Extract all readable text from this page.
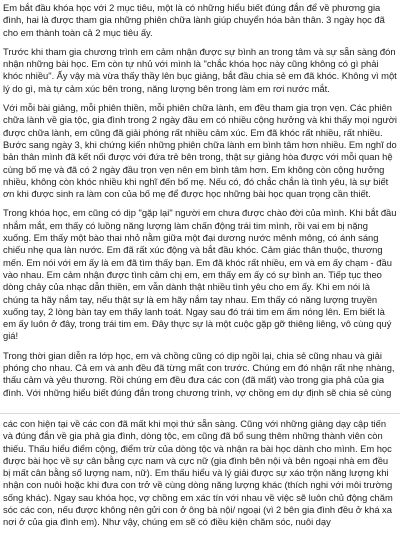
Em bắt đầu khóa học với 2 mục tiêu, một là có những hiểu biết đúng đắn để về phương gia đình, hai là được tham gia những phiên chữa lành giúp chuyển hóa bản thân. 3 ngày học đã cho em thành toàn cả 2 mục tiêu ấy.

Trước khi tham gia chương trình em cảm nhận được sự bình an trong tâm và sự sẵn sàng đón nhận những bài học. Em còn tự nhủ với mình là "chắc khóa học này cũng không có gì phải khóc nhiều". Ấy vậy mà vừa thấy thầy lên bục giảng, bắt đầu chia sẻ em đã khóc. Không vì một lý do gì, mà tự cảm xúc bên trong, năng lượng bên trong làm em rơi nước mắt.

Với mỗi bài giảng, mỗi phiên thiền, mỗi phiên chữa lành, em đều tham gia trọn vẹn. Các phiên chữa lành về gia tộc, gia đình trong 2 ngày đầu em có nhiều cộng hưởng và khi thấy mọi người được chữa lành, em cũng đã giải phóng rất nhiều cảm xúc. Em đã khóc rất nhiều, rất nhiều. Bước sang ngày 3, khi chứng kiến những phiên chữa lành em bình tâm hơn nhiều. Em nghĩ do bản thân mình đã kết nối được với đứa trẻ bên trong, thật sự giảng hòa được với mỗi quan hệ cùng bố mẹ và đã có 2 ngày đầu trọn vẹn nên em bình tâm hơn. Em không còn cộng hưởng nhiều, không còn khóc nhiều khi nghĩ đến bố mẹ. Nếu có, đó chắc chắn là tình yêu, là sự biết ơn khi được sinh ra làm con của bố mẹ để được học những bài học quan trọng cần thiết.

Trong khóa học, em cũng có dịp "gặp lại" người em chưa được chào đời của mình. Khi bắt đầu nhắm mắt, em thấy có luồng năng lượng làm chấn động trái tim mình, rồi vai em bị nặng xuống. Em thấy một bào thai nhỏ nằm giữa một đại dương nước mênh mông, có ánh sáng chiếu nhẹ qua làn nước. Em đã rất xúc động và bắt đầu khóc. Cảm giác thân thuộc, thương mến. Em nói với em ấy là em đã tìm thấy bạn. Em đã khóc rất nhiều, em và em ấy chạm - đầu vào nhau. Em cảm nhận được tình cảm chị em, em thấy em ấy có sự bình an. Tiếp tục theo dòng chảy của nhạc dẫn thiền, em vẫn dành thật nhiều tình yêu cho em ấy. Khi em nói là chúng ta hãy nắm tay, nếu thật sự là em hãy nắm tay nhau. Em thấy có năng lượng truyền xuống tay, 2 lòng bàn tay em thấy lanh toát. Ngay sau đó trái tim em ấm nóng lên. Em biết là em ấy luôn ở đây, trong trái tim em. Đây thực sự là một cuộc gặp gỡ thiêng liêng, vô cùng quý giá!

Trong thời gian diễn ra lớp học, em và chồng cũng có dịp ngồi lại, chia sẻ cũng nhau và giải phóng cho nhau. Cả em và anh đều đã từng mất con trước. Chúng em đó nhận rất nhẹ nhàng, thấu cảm và yêu thương. Rồi chúng em đều đưa các con (đã mất) vào trong gia phả của gia đình. Với những hiểu biết đúng đắn trong chương trình, vợ chồng em dự định sẽ chia sẻ cùng

các con hiện tại về các con đã mất khi mọi thứ sẵn sàng. Cũng với những giảng dạy cập tiến và đúng đắn về gia phả gia đình, dòng tộc, em cũng đã bổ sung thêm những thành viên còn thiếu. Thấu hiểu điểm cộng, điểm trừ của dòng tộc và nhận ra bài học dành cho mình. Em học được bài học về sự cân bằng cực nam và cực nữ (gia đình bên nội và bên ngoại nhà em đều bị mất cân bằng số lượng nam, nữ). Em thấu hiểu và lý giải được sự xáo trộn năng lượng khi nhận con nuôi hoặc khi đưa con trở về cùng dòng năng lượng khác (thích nghi với môi trường sống khác). Ngay sau khóa học, vợ chồng em xác tín với nhau về việc sẽ luôn chủ động chăm sóc các con, nếu được không nên gửi con ở ông bà nội/ ngoại (vì 2 bên gia đình đều ở khá xa nơi ở của gia đình em). Như vậy, chúng em sẽ có điều kiện chăm sóc, nuôi dạy
